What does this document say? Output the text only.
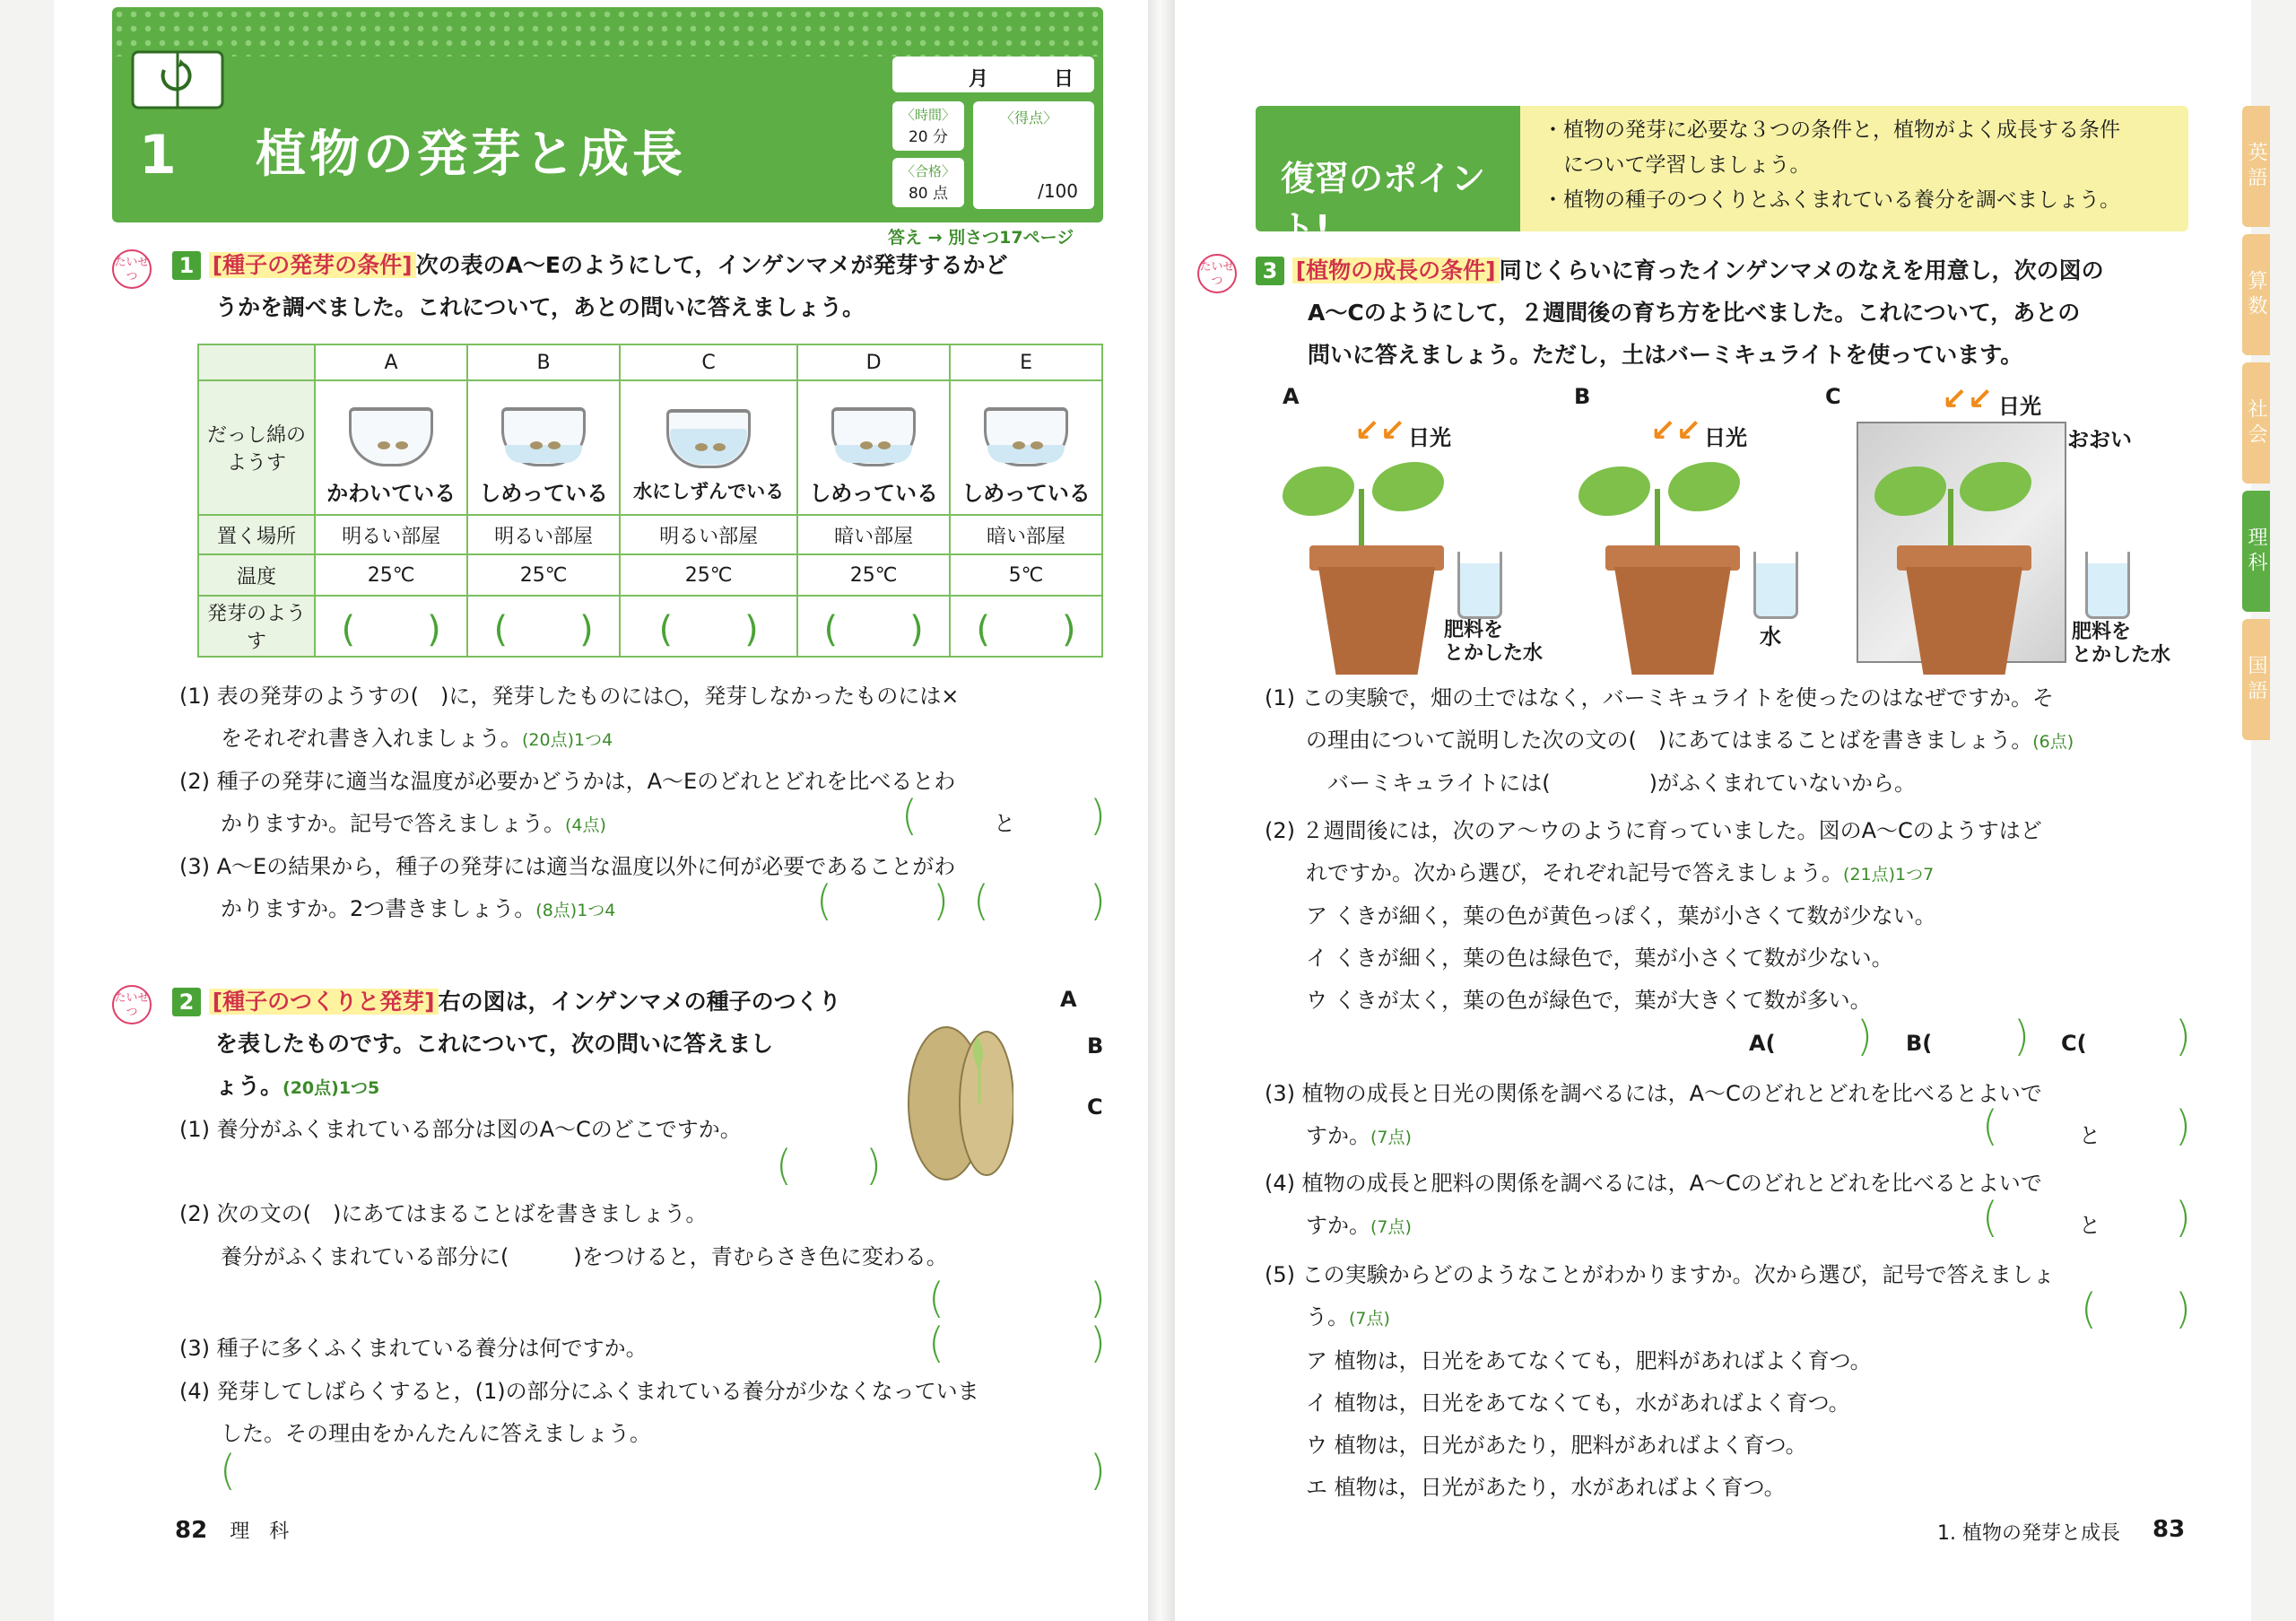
1 植物の発芽と成長
月	日
〈時間〉
20 分
〈合格〉
80 点
〈得点〉
/100
答え → 別さつ17ページ
たいせつ	1 [種子の発芽の条件] 次の表のA～Eのようにして，インゲンマメが発芽するかど
うかを調べました。これについて，あとの問いに答えましょう。
	A	B	C	D	E
だっし綿のようす	かわいている	しめっている	水にしずんでいる	しめっている	しめっている

置く場所	明るい部屋	明るい部屋	明るい部屋	暗い部屋	暗い部屋
温度	25℃	25℃	25℃	25℃	5℃
発芽のようす	(　　)	(　　)	(　　)	(　　)	(　　)
(1) 表の発芽のようすの(　)に，発芽したものには○，発芽しなかったものには×
をそれぞれ書き入れましょう。(20点)1つ4
(2) 種子の発芽に適当な温度が必要かどうかは，A～Eのどれとどれを比べるとわ
かりますか。記号で答えましょう。(4点)	(	と )
(3) A～Eの結果から，種子の発芽には適当な温度以外に何が必要であることがわ
かりますか。2つ書きましょう。(8点)1つ4	( ) ( )
たいせつ	2 [種子のつくりと発芽] 右の図は，インゲンマメの種子のつくり
を表したものです。これについて，次の問いに答えまし
ょう。(20点)1つ5
A
B
C
(1) 養分がふくまれている部分は図のA～Cのどこですか。
( )
(2) 次の文の(　)にあてはまることばを書きましょう。
養分がふくまれている部分に(　　　)をつけると，青むらさき色に変わる。
(	)
(3) 種子に多くふくまれている養分は何ですか。	(	)
(4) 発芽してしばらくすると，(1)の部分にふくまれている養分が少なくなっていま
した。その理由をかんたんに答えましょう。
(	)
82 理　科
復習のポイント!
・植物の発芽に必要な３つの条件と，植物がよく成長する条件
　について学習しましょう。
・植物の種子のつくりとふくまれている養分を調べましょう。
英語
算数
社会
理科
国語
たいせつ	3 [植物の成長の条件] 同じくらいに育ったインゲンマメのなえを用意し，次の図の
A～Cのようにして，２週間後の育ち方を比べました。これについて，あとの
問いに答えましょう。ただし，土はバーミキュライトを使っています。
A	B	C
↙↙ 日光
肥料を
とかした水
↙↙ 日光
水
↙↙ 日光
おおい
肥料を
とかした水
(1) この実験で，畑の土ではなく，バーミキュライトを使ったのはなぜですか。そ
の理由について説明した次の文の(　)にあてはまることばを書きましょう。(6点)
バーミキュライトには(	)がふくまれていないから。
(2) ２週間後には，次のア～ウのように育っていました。図のA～Cのようすはど
れですか。次から選び，それぞれ記号で答えましょう。(21点)1つ7
ア くきが細く，葉の色が黄色っぽく，葉が小さくて数が少ない。
イ くきが細く，葉の色は緑色で，葉が小さくて数が少ない。
ウ くきが太く，葉の色が緑色で，葉が大きくて数が多い。
A( ) B( ) C( )
(3) 植物の成長と日光の関係を調べるには，A～Cのどれとどれを比べるとよいで
すか。(7点)	(	と )
(4) 植物の成長と肥料の関係を調べるには，A～Cのどれとどれを比べるとよいで
すか。(7点)	(	と )
(5) この実験からどのようなことがわかりますか。次から選び，記号で答えましょ
う。(7点)	( )
ア 植物は，日光をあてなくても，肥料があればよく育つ。
イ 植物は，日光をあてなくても，水があればよく育つ。
ウ 植物は，日光があたり，肥料があればよく育つ。
エ 植物は，日光があたり，水があればよく育つ。
1. 植物の発芽と成長 83
